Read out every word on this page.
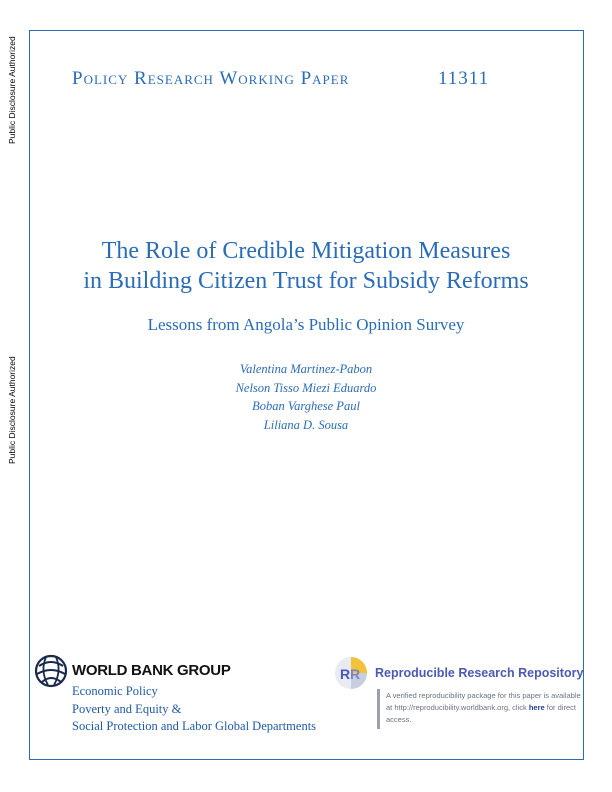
Public Disclosure Authorized
Public Disclosure Authorized
Policy Research Working Paper	11311
The Role of Credible Mitigation Measures
in Building Citizen Trust for Subsidy Reforms
Lessons from Angola’s Public Opinion Survey
Valentina Martinez-Pabon
Nelson Tisso Miezi Eduardo
Boban Varghese Paul
Liliana D. Sousa
WORLD BANK GROUP
Economic Policy
Poverty and Equity &
Social Protection and Labor Global Departments
R R Reproducible Research Repository
A verified reproducibility package for this paper is available at http://reproducibility.worldbank.org, click here for direct access.
